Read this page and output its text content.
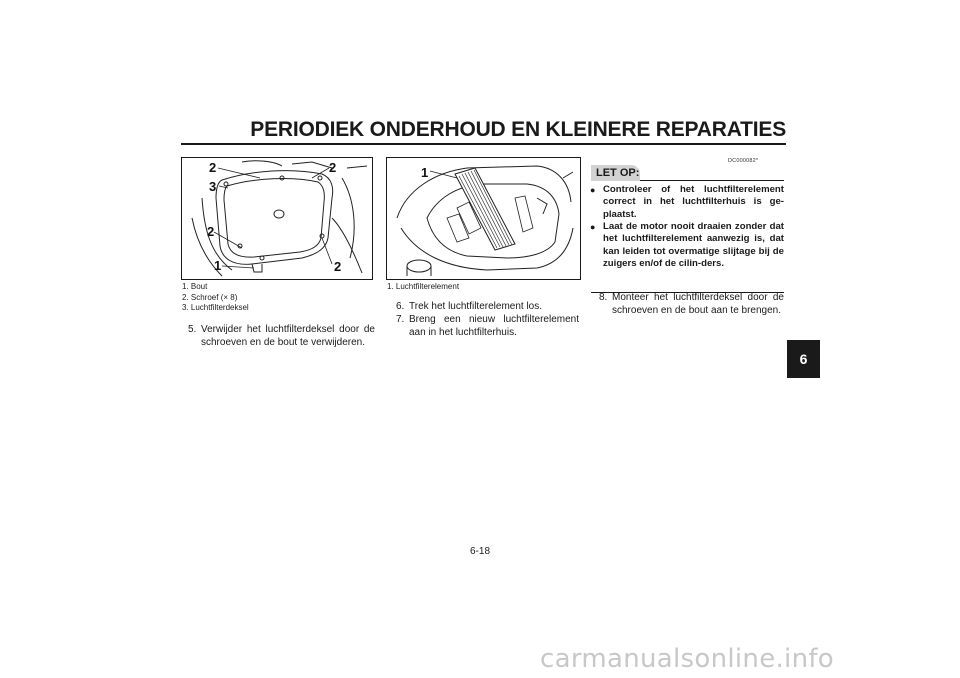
PERIODIEK ONDERHOUD EN KLEINERE REPARATIES
2
3
2
1	2
2
1. Bout
2. Schroef (× 8)
3. Luchtfilterdeksel
5. Verwijder het luchtfilterdeksel door de schroeven en de bout te verwijderen.
1
1. Luchtfilterelement
6. Trek het luchtfilterelement los.
7. Breng een nieuw luchtfilterelement aan in het luchtfilterhuis.
DC000082*
LET OP:
● Controleer of het luchtfilterelement correct in het luchtfilterhuis is ge-plaatst.
● Laat de motor nooit draaien zonder dat het luchtfilterelement aanwezig is, dat kan leiden tot overmatige slijtage bij de zuigers en/of de cilin-ders.
8. Monteer het luchtfilterdeksel door de schroeven en de bout aan te brengen.
6
6-18
carmanualsonline.info
